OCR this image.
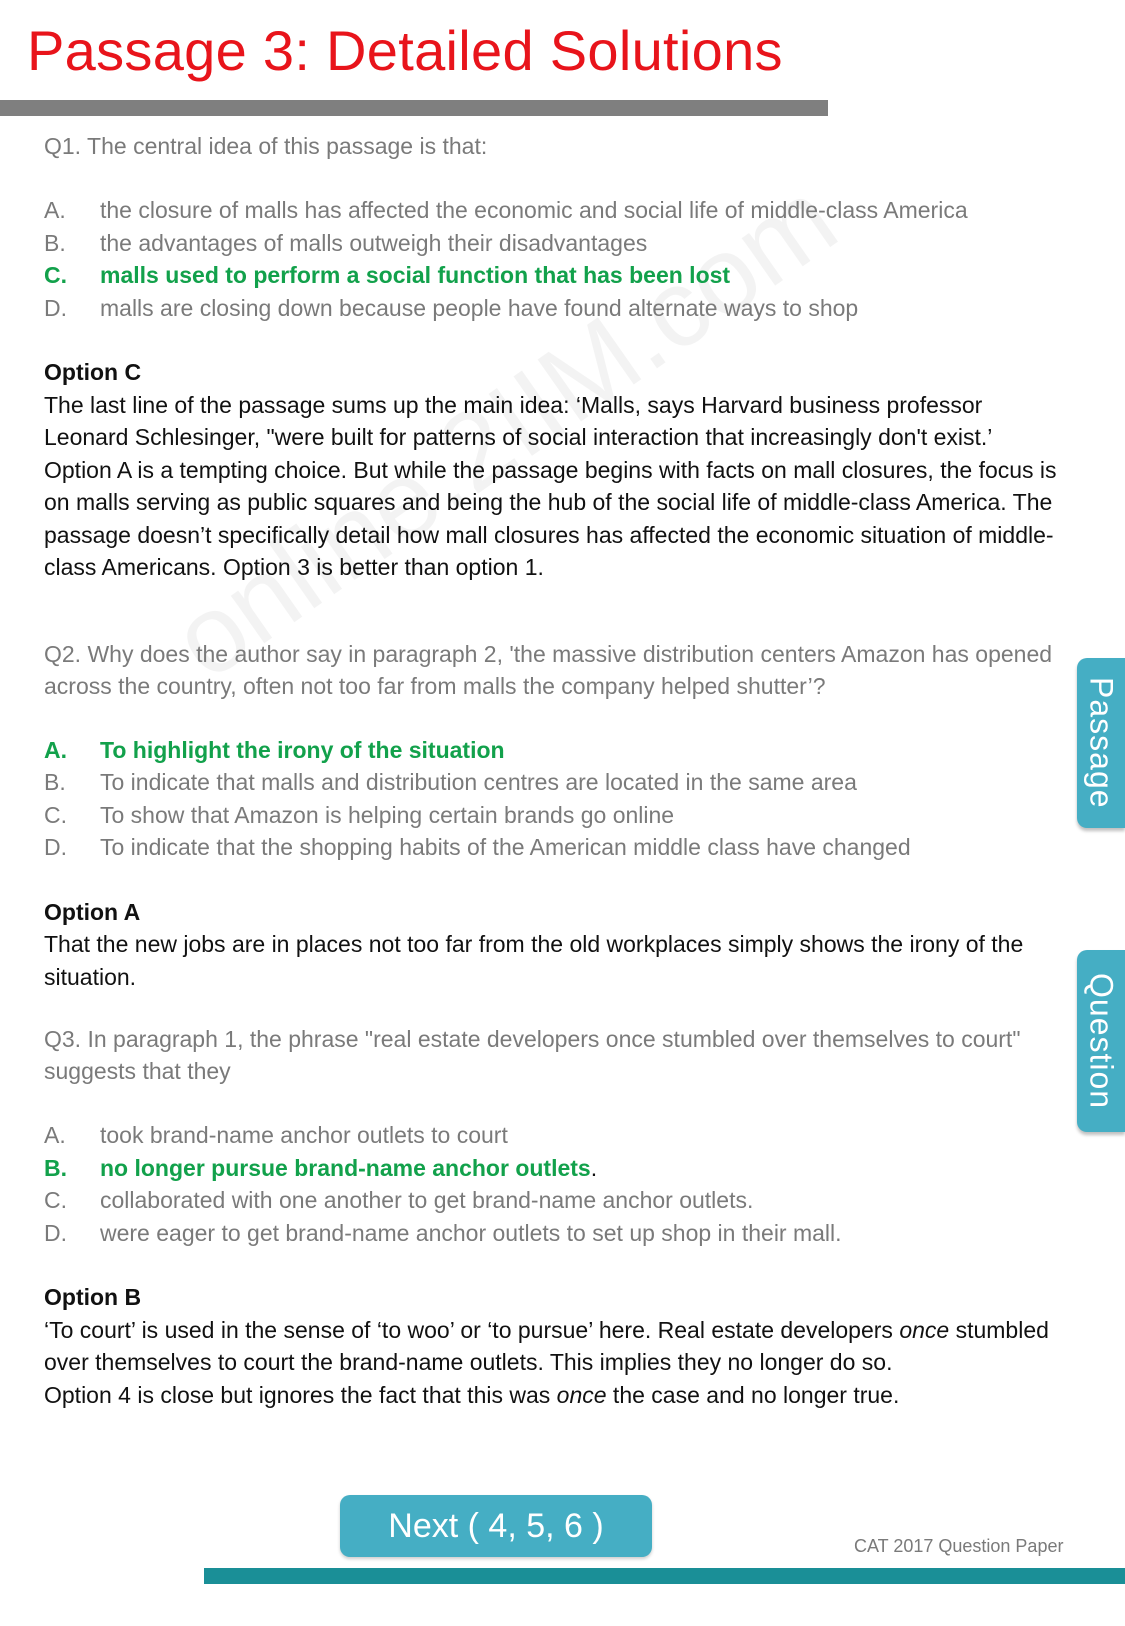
Passage 3: Detailed Solutions

Q1. The central idea of this passage is that:

A.	the closure of malls has affected the economic and social life of middle-class America
B.	the advantages of malls outweigh their disadvantages
C.	malls used to perform a social function that has been lost
D.	malls are closing down because people have found alternate ways to shop
Option C

The last line of the passage sums up the main idea: ‘Malls, says Harvard business professor Leonard Schlesinger, "were built for patterns of social interaction that increasingly don't exist.’

Option A is a tempting choice. But while the passage begins with facts on mall closures, the focus is on malls serving as public squares and being the hub of the social life of middle-class America. The passage doesn’t specifically detail how mall closures has affected the economic situation of middle-class Americans. Option 3 is better than option 1.

Q2. Why does the author say in paragraph 2, 'the massive distribution centers Amazon has opened across the country, often not too far from malls the company helped shutter’?

A.	To highlight the irony of the situation
B.	To indicate that malls and distribution centres are located in the same area
C.	To show that Amazon is helping certain brands go online
D.	To indicate that the shopping habits of the American middle class have changed
Option A

That the new jobs are in places not too far from the old workplaces simply shows the irony of the situation.

Q3. In paragraph 1, the phrase "real estate developers once stumbled over themselves to court" suggests that they

A.	took brand-name anchor outlets to court
B.	no longer pursue brand-name anchor outlets.
C.	collaborated with one another to get brand-name anchor outlets.
D.	were eager to get brand-name anchor outlets to set up shop in their mall.
Option B

‘To court’ is used in the sense of ‘to woo’ or ‘to pursue’ here. Real estate developers once stumbled over themselves to court the brand-name outlets. This implies they no longer do so.

Option 4 is close but ignores the fact that this was once the case and no longer true.

Passage
Question
Next ( 4, 5, 6 )
CAT 2017 Question Paper
